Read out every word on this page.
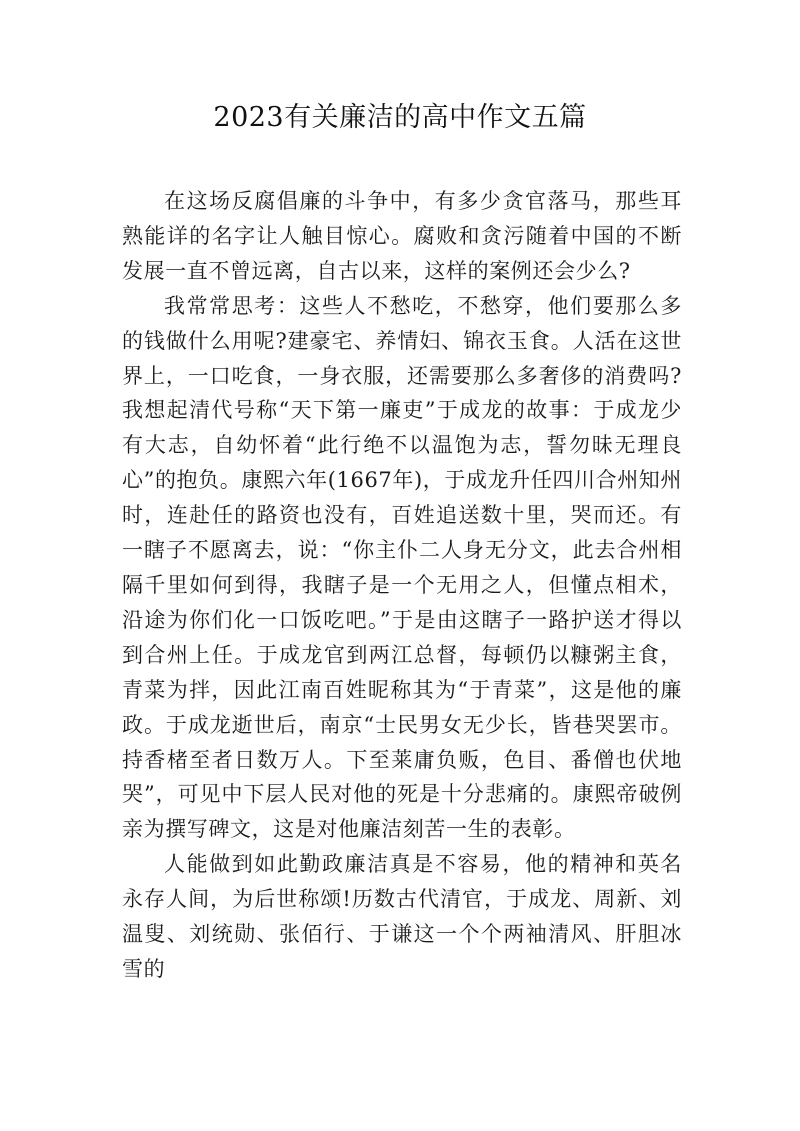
2023有关廉洁的高中作文五篇

在这场反腐倡廉的斗争中，有多少贪官落马，那些耳熟能详的名字让人触目惊心。腐败和贪污随着中国的不断发展一直不曾远离，自古以来，这样的案例还会少么?

我常常思考：这些人不愁吃，不愁穿，他们要那么多的钱做什么用呢?建豪宅、养情妇、锦衣玉食。人活在这世界上，一口吃食，一身衣服，还需要那么多奢侈的消费吗?我想起清代号称“天下第一廉吏”于成龙的故事：于成龙少有大志，自幼怀着“此行绝不以温饱为志，誓勿昧无理良心”的抱负。康熙六年(1667年)，于成龙升任四川合州知州时，连赴任的路资也没有，百姓追送数十里，哭而还。有一瞎子不愿离去，说：“你主仆二人身无分文，此去合州相隔千里如何到得，我瞎子是一个无用之人，但懂点相术，沿途为你们化一口饭吃吧。”于是由这瞎子一路护送才得以到合州上任。于成龙官到两江总督，每顿仍以糠粥主食，青菜为拌，因此江南百姓昵称其为“于青菜”，这是他的廉政。于成龙逝世后，南京“士民男女无少长，皆巷哭罢市。持香楮至者日数万人。下至莱庸负贩，色目、番僧也伏地哭”，可见中下层人民对他的死是十分悲痛的。康熙帝破例亲为撰写碑文，这是对他廉洁刻苦一生的表彰。

人能做到如此勤政廉洁真是不容易，他的精神和英名永存人间，为后世称颂!历数古代清官，于成龙、周新、刘温叟、刘统勋、张佰行、于谦这一个个两袖清风、肝胆冰雪的
